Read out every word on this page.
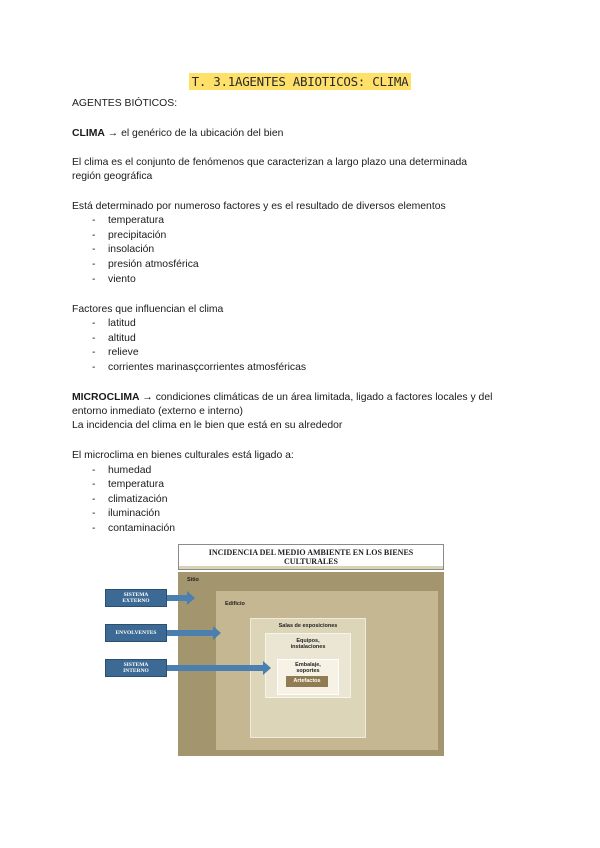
T. 3.1AGENTES ABIOTICOS: CLIMA
AGENTES BIÓTICOS:
CLIMA → el genérico de la ubicación del bien
El clima es el conjunto de fenómenos que caracterizan a largo plazo una determinada
región geográfica
Está determinado por numeroso factores y es el resultado de diversos elementos
- temperatura
- precipitación
- insolación
- presión atmosférica
- viento
Factores que influencian el clima
- latitud
- altitud
- relieve
- corrientes marinasçcorrientes atmosféricas
MICROCLIMA → condiciones climáticas de un área limitada, ligado a factores locales y del
entorno inmediato (externo e interno)
La incidencia del clima en le bien que está en su alrededor
El microclima en bienes culturales está ligado a:
- humedad
- temperatura
- climatización
- iluminación
- contaminación
INCIDENCIA DEL MEDIO AMBIENTE EN LOS BIENES
CULTURALES
Sitio
Edificio
Salas de exposiciones
Equipos,
instalaciones
Embalaje,
soportes
Artefactos
SISTEMA
EXTERNO
ENVOLVENTES
SISTEMA
INTERNO
